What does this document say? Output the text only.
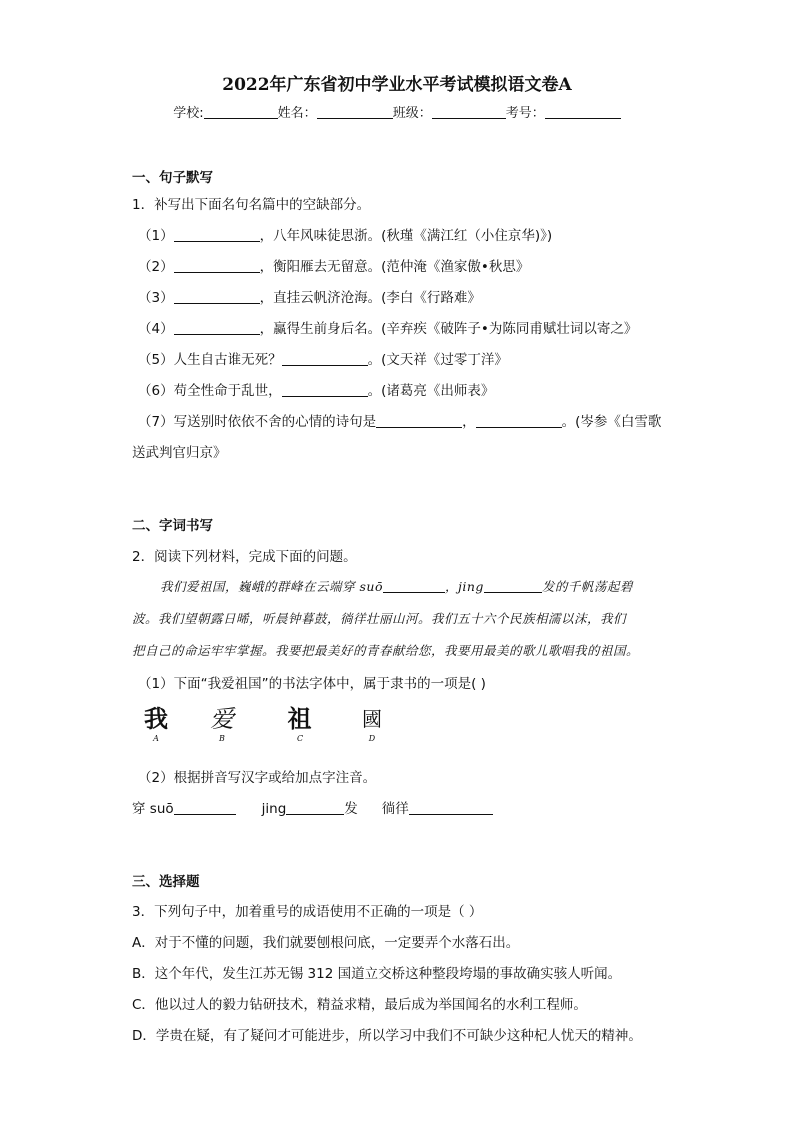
2022年广东省初中学业水平考试模拟语文卷A
学校:	姓名：	班级：	考号：
一、句子默写
1．补写出下面名句名篇中的空缺部分。
（1）	，八年风味徒思浙。(秋瑾《满江红（小住京华)》)
（2）	，衡阳雁去无留意。(范仲淹《渔家傲•秋思》
（3）	，直挂云帆济沧海。(李白《行路难》
（4）	，赢得生前身后名。(辛弃疾《破阵子•为陈同甫赋壮词以寄之》
（5）人生自古谁无死？	。(文天祥《过零丁洋》
（6）苟全性命于乱世，	。(诸葛亮《出师表》
（7）写送别时依依不舍的心情的诗句是	，	。(岑参《白雪歌
送武判官归京》
二、字词书写
2．阅读下列材料，完成下面的问题。
我们爱祖国，巍峨的群峰在云端穿 suō	，jing	发的千帆荡起碧
波。我们望朝露日晞，听晨钟暮鼓，徜徉壮丽山河。我们五十六个民族相濡以沫，我们
把自己的命运牢牢掌握。我要把最美好的青春献给您，我要用最美的歌儿歌唱我的祖国。
（1）下面“我爱祖国”的书法字体中，属于隶书的一项是( )
我
A
爱
B
祖
C
國
D
（2）根据拼音写汉字或给加点字注音。
穿 suō	jing	发 徜徉
三、选择题
3．下列句子中，加着重号的成语使用不正确的一项是（ ）
A．对于不懂的问题，我们就要刨根问底，一定要弄个水落石出。
B．这个年代，发生江苏无锡 312 国道立交桥这种整段垮塌的事故确实骇人听闻。
C．他以过人的毅力钻研技术，精益求精，最后成为举国闻名的水利工程师。
D．学贵在疑，有了疑问才可能进步，所以学习中我们不可缺少这种杞人忧天的精神。
